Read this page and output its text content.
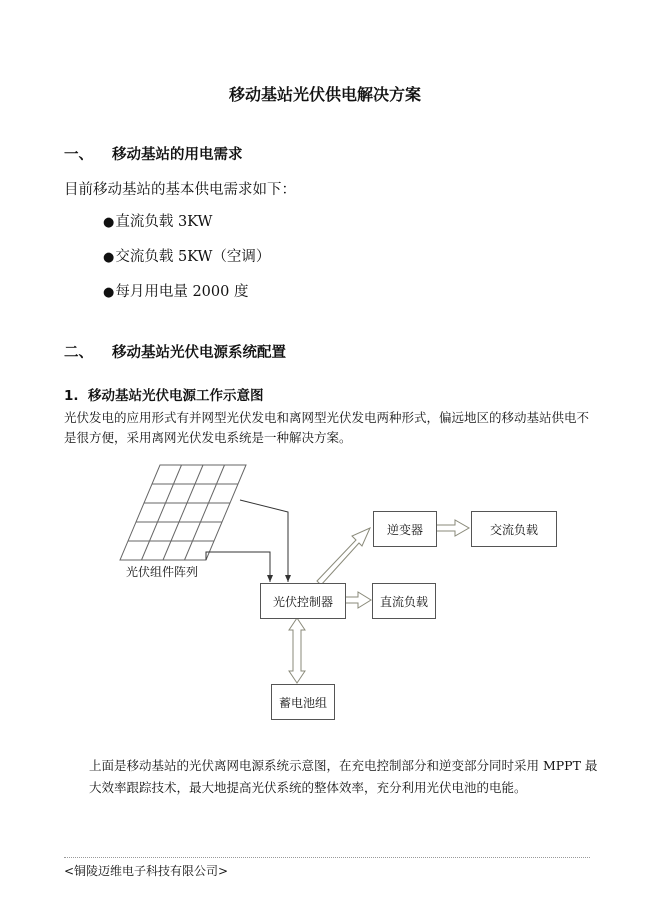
移动基站光伏供电解决方案
一、 移动基站的用电需求
目前移动基站的基本供电需求如下：
●直流负载 3KW
●交流负载 5KW（空调）
●每月用电量 2000 度
二、 移动基站光伏电源系统配置
1. 移动基站光伏电源工作示意图
光伏发电的应用形式有并网型光伏发电和离网型光伏发电两种形式，偏远地区的移动基站供电不是很方便，采用离网光伏发电系统是一种解决方案。
光伏组件阵列
光伏控制器
逆变器	交流负载
直流负载
蓄电池组
上面是移动基站的光伏离网电源系统示意图，在充电控制部分和逆变部分同时采用 MPPT 最大效率跟踪技术，最大地提高光伏系统的整体效率，充分利用光伏电池的电能。
<铜陵迈维电子科技有限公司>
